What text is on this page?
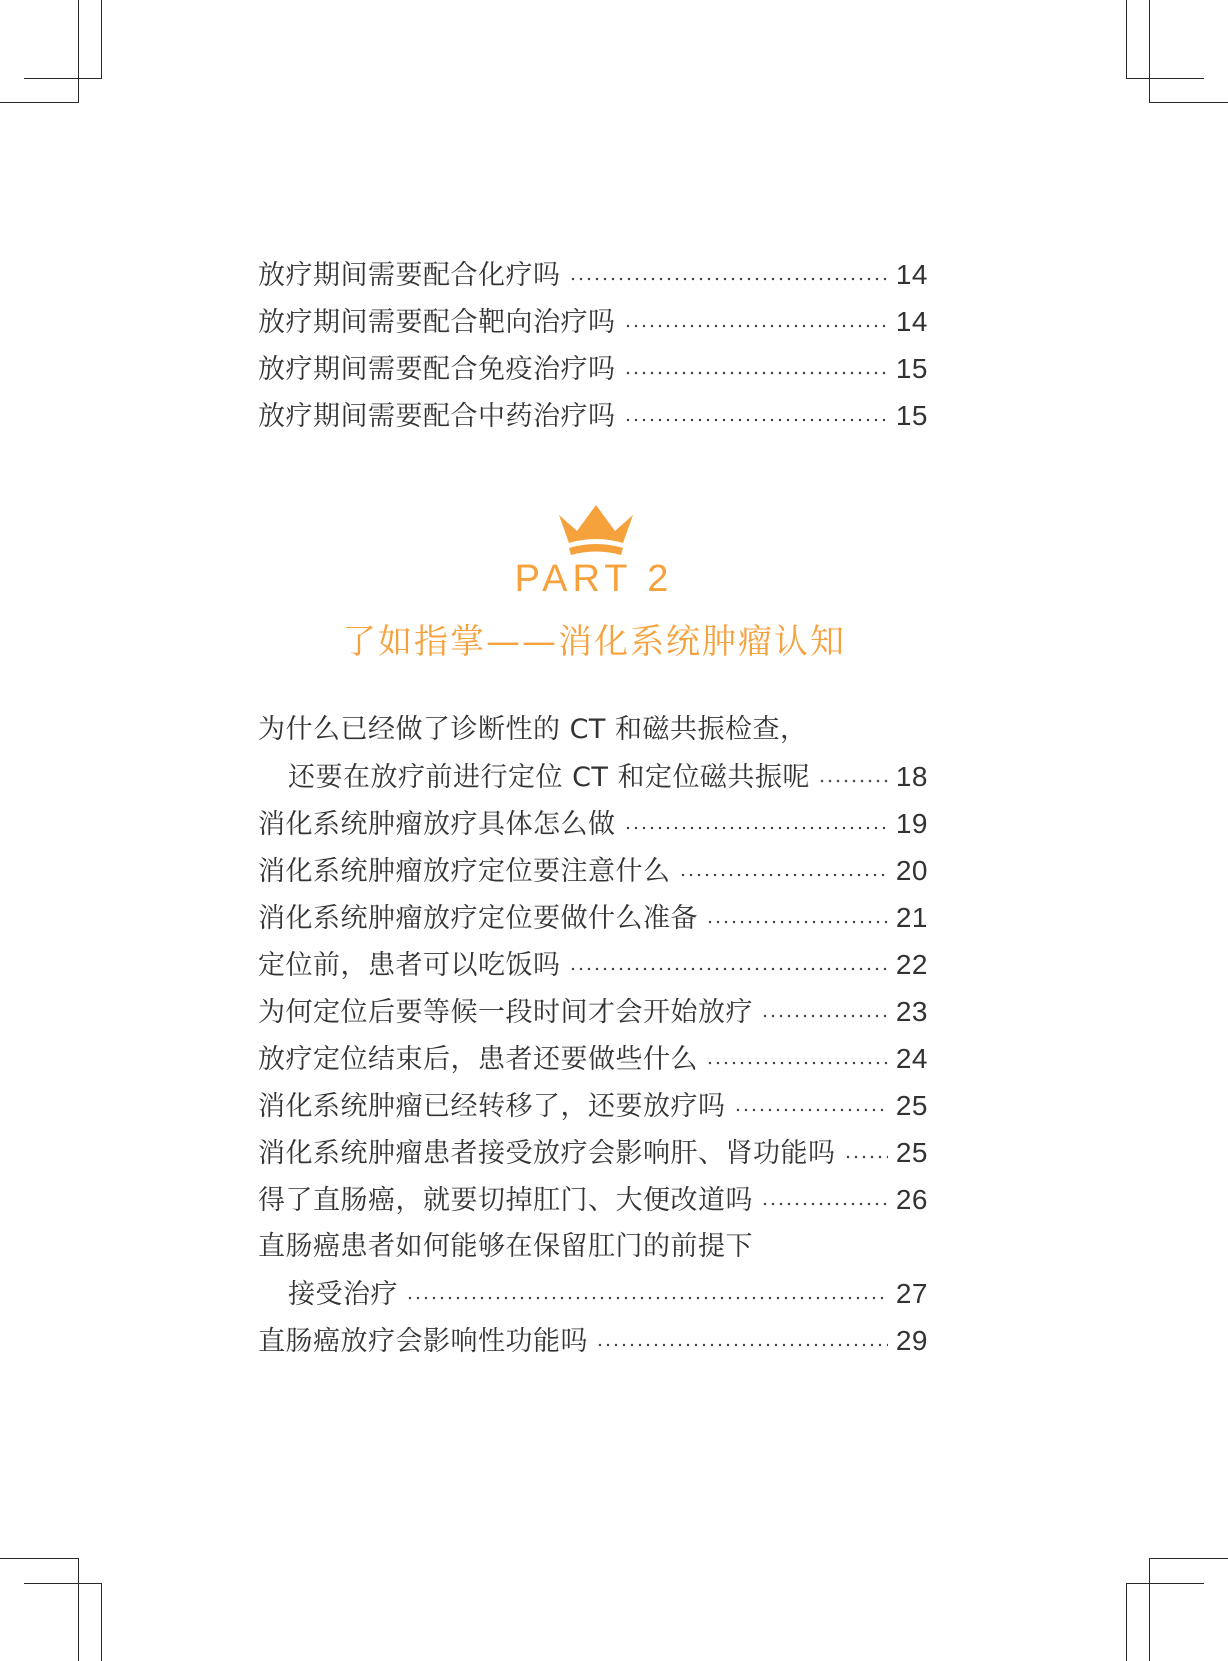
放疗期间需要配合化疗吗	14
放疗期间需要配合靶向治疗吗	14
放疗期间需要配合免疫治疗吗	15
放疗期间需要配合中药治疗吗	15
PART 2
了如指掌——消化系统肿瘤认知
为什么已经做了诊断性的 CT 和磁共振检查，
还要在放疗前进行定位 CT 和定位磁共振呢	18
消化系统肿瘤放疗具体怎么做	19
消化系统肿瘤放疗定位要注意什么	20
消化系统肿瘤放疗定位要做什么准备	21
定位前，患者可以吃饭吗	22
为何定位后要等候一段时间才会开始放疗	23
放疗定位结束后，患者还要做些什么	24
消化系统肿瘤已经转移了，还要放疗吗	25
消化系统肿瘤患者接受放疗会影响肝、肾功能吗 25
得了直肠癌，就要切掉肛门、大便改道吗	26
直肠癌患者如何能够在保留肛门的前提下
接受治疗	27
直肠癌放疗会影响性功能吗	29
